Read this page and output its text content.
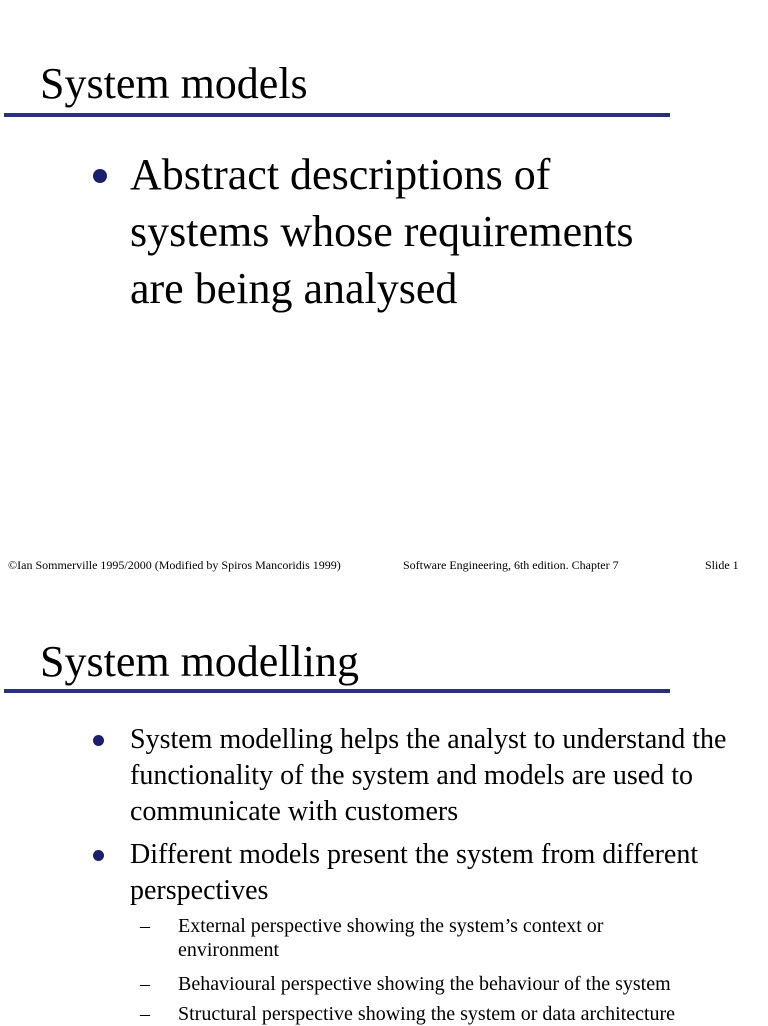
System models

Abstract descriptions of systems whose requirements are being analysed

©Ian Sommerville 1995/2000 (Modified by Spiros Mancoridis 1999)	Software Engineering, 6th edition. Chapter 7	Slide 1
System modelling

System modelling helps the analyst to understand the functionality of the system and models are used to communicate with customers

Different models present the system from different perspectives

– External perspective showing the system’s context or environment

– Behavioural perspective showing the behaviour of the system

– Structural perspective showing the system or data architecture
